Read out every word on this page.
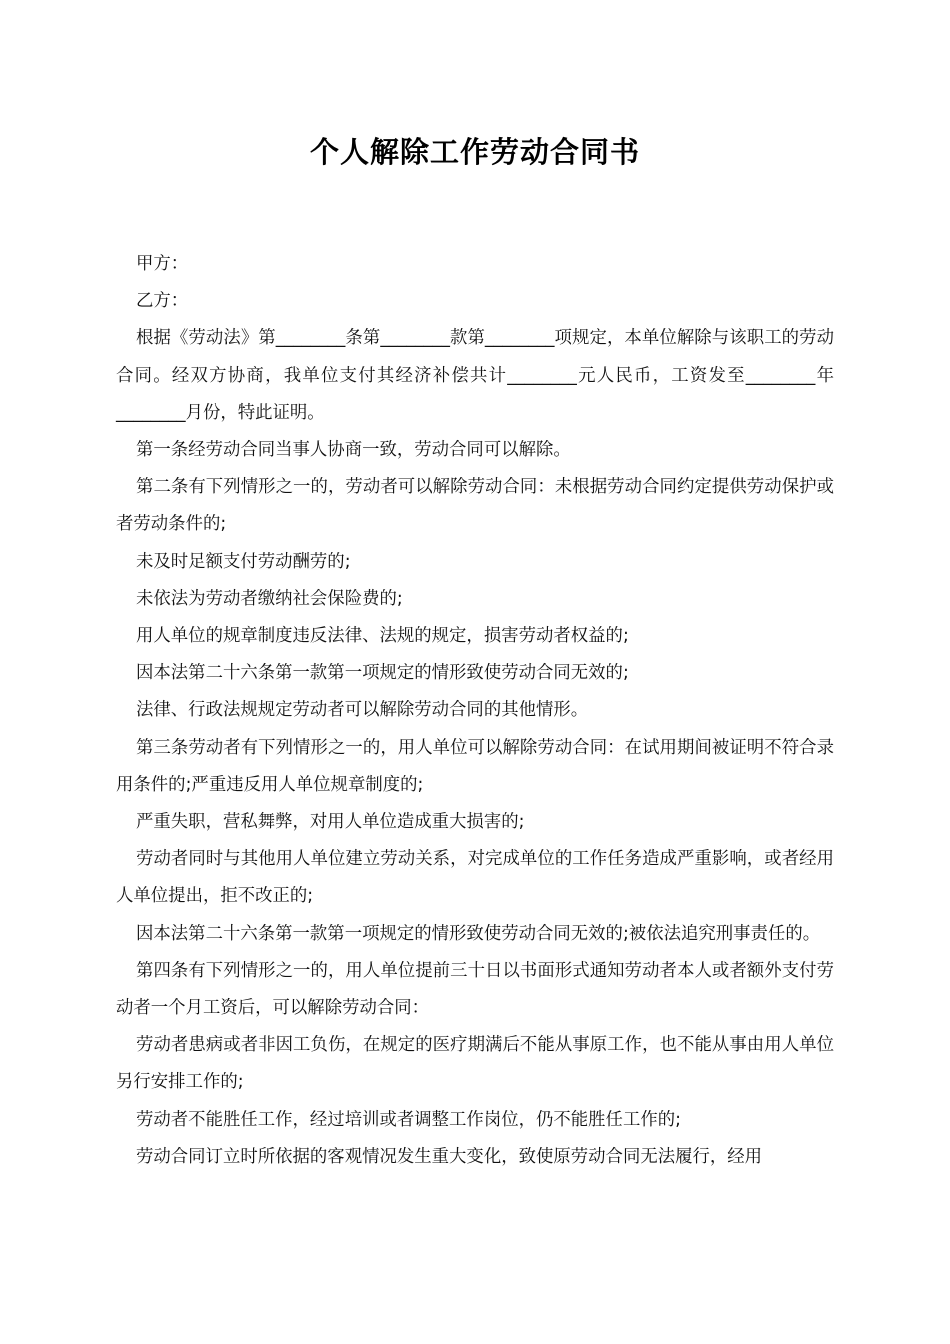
个人解除工作劳动合同书

甲方：

乙方：

根据《劳动法》第________条第________款第________项规定，本单位解除与该职工的劳动合同。经双方协商，我单位支付其经济补偿共计________元人民币，工资发至________年________月份，特此证明。

第一条经劳动合同当事人协商一致，劳动合同可以解除。

第二条有下列情形之一的，劳动者可以解除劳动合同：未根据劳动合同约定提供劳动保护或者劳动条件的;

未及时足额支付劳动酬劳的;

未依法为劳动者缴纳社会保险费的;

用人单位的规章制度违反法律、法规的规定，损害劳动者权益的;

因本法第二十六条第一款第一项规定的情形致使劳动合同无效的;

法律、行政法规规定劳动者可以解除劳动合同的其他情形。

第三条劳动者有下列情形之一的，用人单位可以解除劳动合同：在试用期间被证明不符合录用条件的;严重违反用人单位规章制度的;

严重失职，营私舞弊，对用人单位造成重大损害的;

劳动者同时与其他用人单位建立劳动关系，对完成单位的工作任务造成严重影响，或者经用人单位提出，拒不改正的;

因本法第二十六条第一款第一项规定的情形致使劳动合同无效的;被依法追究刑事责任的。

第四条有下列情形之一的，用人单位提前三十日以书面形式通知劳动者本人或者额外支付劳动者一个月工资后，可以解除劳动合同：

劳动者患病或者非因工负伤，在规定的医疗期满后不能从事原工作，也不能从事由用人单位另行安排工作的;

劳动者不能胜任工作，经过培训或者调整工作岗位，仍不能胜任工作的;

劳动合同订立时所依据的客观情况发生重大变化，致使原劳动合同无法履行，经用
